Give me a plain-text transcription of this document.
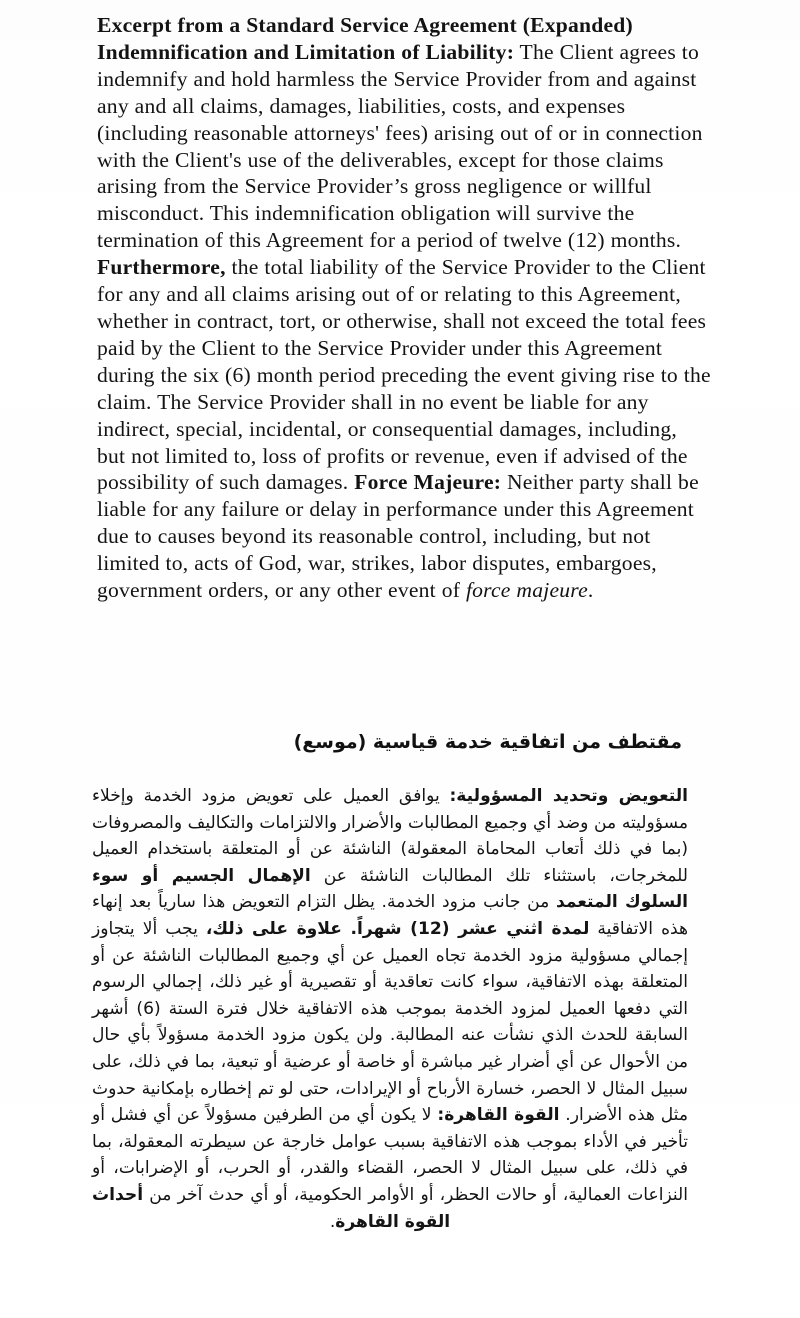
Excerpt from a Standard Service Agreement (Expanded)
Indemnification and Limitation of Liability: The Client agrees to indemnify and hold harmless the Service Provider from and against any and all claims, damages, liabilities, costs, and expenses (including reasonable attorneys' fees) arising out of or in connection with the Client's use of the deliverables, except for those claims arising from the Service Provider’s gross negligence or willful misconduct. This indemnification obligation will survive the termination of this Agreement for a period of twelve (12) months. Furthermore, the total liability of the Service Provider to the Client for any and all claims arising out of or relating to this Agreement, whether in contract, tort, or otherwise, shall not exceed the total fees paid by the Client to the Service Provider under this Agreement during the six (6) month period preceding the event giving rise to the claim. The Service Provider shall in no event be liable for any indirect, special, incidental, or consequential damages, including, but not limited to, loss of profits or revenue, even if advised of the possibility of such damages. Force Majeure: Neither party shall be liable for any failure or delay in performance under this Agreement due to causes beyond its reasonable control, including, but not limited to, acts of God, war, strikes, labor disputes, embargoes, government orders, or any other event of force majeure.

مقتطف من اتفاقية خدمة قياسية (موسع)

التعويض وتحديد المسؤولية: يوافق العميل على تعويض مزود الخدمة وإخلاء مسؤوليته من وضد أي وجميع المطالبات والأضرار والالتزامات والتكاليف والمصروفات (بما في ذلك أتعاب المحاماة المعقولة) الناشئة عن أو المتعلقة باستخدام العميل للمخرجات، باستثناء تلك المطالبات الناشئة عن الإهمال الجسيم أو سوء السلوك المتعمد من جانب مزود الخدمة. يظل التزام التعويض هذا سارياً بعد إنهاء هذه الاتفاقية لمدة اثني عشر (12) شهراً. علاوة على ذلك، يجب ألا يتجاوز إجمالي مسؤولية مزود الخدمة تجاه العميل عن أي وجميع المطالبات الناشئة عن أو المتعلقة بهذه الاتفاقية، سواء كانت تعاقدية أو تقصيرية أو غير ذلك، إجمالي الرسوم التي دفعها العميل لمزود الخدمة بموجب هذه الاتفاقية خلال فترة الستة (6) أشهر السابقة للحدث الذي نشأت عنه المطالبة. ولن يكون مزود الخدمة مسؤولاً بأي حال من الأحوال عن أي أضرار غير مباشرة أو خاصة أو عرضية أو تبعية، بما في ذلك، على سبيل المثال لا الحصر، خسارة الأرباح أو الإيرادات، حتى لو تم إخطاره بإمكانية حدوث مثل هذه الأضرار. القوة القاهرة: لا يكون أي من الطرفين مسؤولاً عن أي فشل أو تأخير في الأداء بموجب هذه الاتفاقية بسبب عوامل خارجة عن سيطرته المعقولة، بما في ذلك، على سبيل المثال لا الحصر، القضاء والقدر، أو الحرب، أو الإضرابات، أو النزاعات العمالية، أو حالات الحظر، أو الأوامر الحكومية، أو أي حدث آخر من أحداث القوة القاهرة.
